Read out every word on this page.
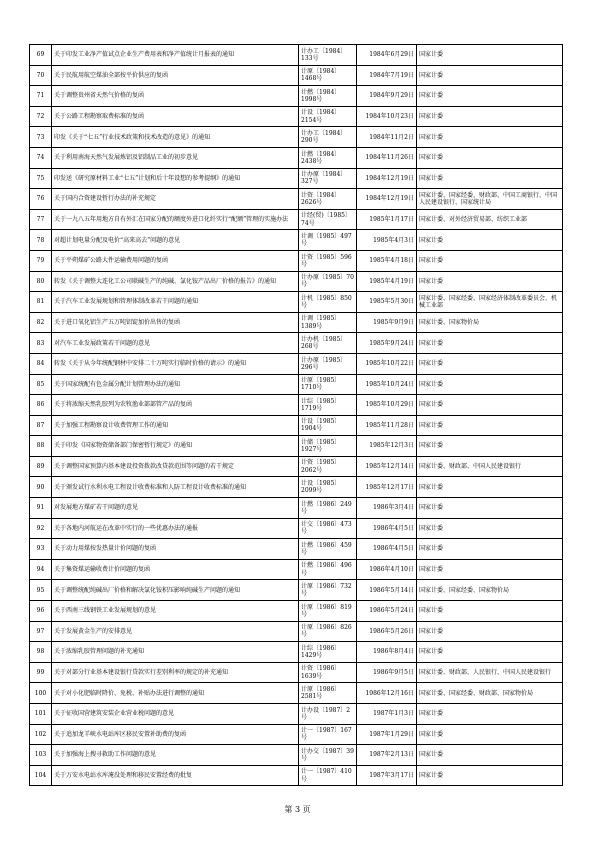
69	关于印发工业净产值试点企业生产费用表和净产值统计月报表的通知	计办工〔1984〕133号	1984年6月29日	国家计委
70	关于民航用航空煤油全部按平价供应的复函	计原〔1984〕1468号	1984年7月19日	国家计委
71	关于调整贵州省天然气价格的复函	计燃〔1984〕1998号	1984年9月29日	国家计委
72	关于公路工程勘察取费标准的复函	计设〔1984〕2154号	1984年10月23日	国家计委
73	印发《关于“七五”行业技术政策和技术改造的意见》的通知	计办工〔1984〕290号	1984年11月2日	国家计委
74	关于利用南海天然气发展炼铝及铝制品工业的初步意见	计燃〔1984〕2438号	1984年11月26日	国家计委
75	印发送《研究原材料工业“七五”计划和后十年设想的参考提纲》的通知	计办原〔1984〕327号	1984年12月19日	国家计委
76	关于国内合资建设暂行办法的补充规定	计资〔1984〕2626号	1984年12月19日	国家计委、国家经委、财政部、中国工商银行、中国人民建设银行、国家统计局
77	关于一九八五年用地方自有外汇在国家分配的额度外进口化纤实行“配额”管理的实施办法	计经(贸)〔1985〕74号	1985年1月17日	国家计委、对外经济贸易部、纺织工业部
78	对超计划电量分配及电价“高来高去”问题的意见	计调〔1985〕497号	1985年4月3日	国家计委
79	关于平朔煤矿公路大件运输费用问题的复函	计资〔1985〕596号	1985年4月18日	国家计委
80	转发《关于调整大连化工公司联碱生产的纯碱、氯化铵产品出厂价格的报告》的通知	计办原〔1985〕70号	1985年4月19日	国家计委
81	关于汽车工业发展规划和管理体制改革若干问题的通知	计机〔1985〕850号	1985年5月30日	国家计委、国家经委、国家经济体制改革委员会、机械工业部
82	关于进口氧化铝生产五万吨铝锭加价出售的复函	计调〔1985〕1389号	1985年9月9日	国家计委、国家物价局
83	对汽车工业发展政策若干问题的意见	计办机〔1985〕268号	1985年9月24日	国家计委
84	转发《关于从今年统配钢材中安排二十万吨实行临时价格的请示》的通知	计办原〔1985〕296号	1985年10月22日	国家计委
85	关于国家统配有色金属分配计划管理办法的通知	计原〔1985〕1710号	1985年10月24日	国家计委
86	关于将浓缩天然乳胶列为农牧渔业部部管产品的复函	计综〔1985〕1719号	1985年10月29日	国家计委
87	关于加强工程勘察设计收费管理工作的通知	计设〔1985〕1904号	1985年11月28日	国家计委
88	关于印发《国家物资储备部门保密暂行规定》的通知	计储〔1985〕1927号	1985年12月3日	国家计委
89	关于调整国家预算内基本建设投资拨款改贷款范围等问题的若干规定	计资〔1985〕2062号	1985年12月14日	国家计委、财政部、中国人民建设银行
90	关于颁发试行水利水电工程设计收费标准和人防工程设计收费标准的通知	计设〔1985〕2099号	1985年12月17日	国家计委
91	对发展地方煤矿若干问题的意见	计燃〔1986〕249号	1986年3月4日	国家计委
92	关于各地内河航运在改革中实行的一些优惠办法的通报	计交〔1986〕473号	1986年4月5日	国家计委
93	关于动力用煤按发热量计价问题的复函	计燃〔1986〕459号	1986年4月5日	国家计委
94	关于集资煤运输收费计价问题的复函	计燃〔1986〕496号	1986年4月10日	国家计委
95	关于调整统配纯碱出厂价格和解决氯化铵积压影响纯碱生产问题的通知	计原〔1986〕732号	1986年5月14日	国家计委、国家经委、国家物价局
96	关于西南三线钢铁工业发展规划的意见	计原〔1986〕819号	1986年5月24日	国家计委
97	关于发展黄金生产的安排意见	计原〔1986〕826号	1986年5月26日	国家计委
98	关于浓缩乳胶管理问题的补充通知	计综〔1986〕1429号	1986年8月4日	国家计委
99	关于对部分行业基本建设银行贷款实行差别利率的规定的补充通知	计资〔1986〕1639号	1986年9月5日	国家计委、财政部、人民银行、中国人民建设银行
100	关于对小化肥临时降价、免税、补贴办法进行调整的通知	计原〔1986〕2581号	1986年12月16日	国家计委、国家经委、财政部、国家物价局
101	关于征收国营建筑安装企业营业税问题的意见	计办设〔1987〕2号	1987年1月3日	国家计委
102	关于追加龙羊峡水电站库区移民安置补助费的复函	计一〔1987〕167号	1987年1月29日	国家计委
103	关于加强海上搜寻救助工作问题的意见	计办交〔1987〕39号	1987年2月13日	国家计委
104	关于万安水电站水库淹没处理和移民安置经费的批复	计一〔1987〕410号	1987年3月17日	国家计委
第 3 页
